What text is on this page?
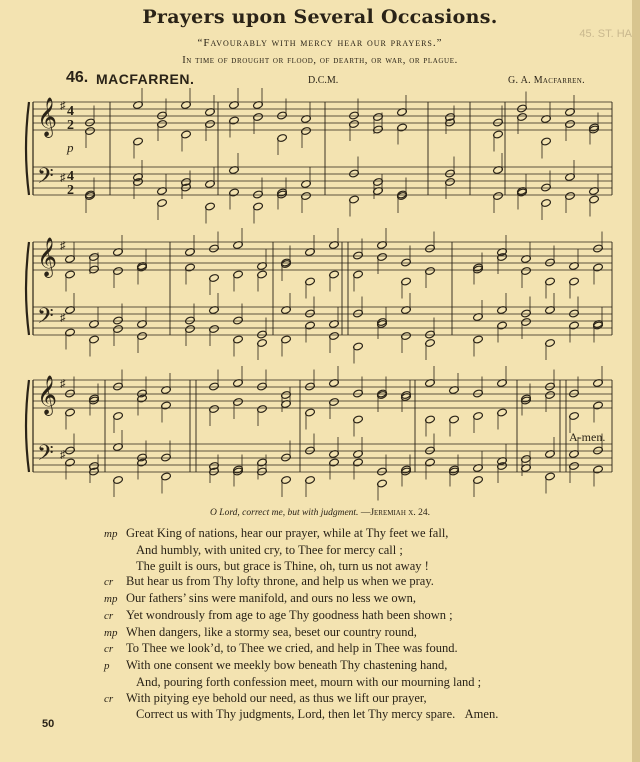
45. ST. HA
Prayers upon Several Occasions.
“Favourably with mercy hear our prayers.”
In time of drought or flood, of dearth, or war, or plague.
46. MACFARREN.	D.C.M.	G. A. Macfarren.
𝄞 ♯
𝄢 ♯
4
2
4
2
p
𝄞 ♯
𝄢 ♯
𝄞 ♯
𝄢 ♯
A-men.
O Lord, correct me, but with judgment. —Jeremiah x. 24.
mp Great King of nations, hear our prayer, while at Thy feet we fall,
And humbly, with united cry, to Thee for mercy call ;
The guilt is ours, but grace is Thine, oh, turn us not away !
cr But hear us from Thy lofty throne, and help us when we pray.
mp Our fathers’ sins were manifold, and ours no less we own,
cr Yet wondrously from age to age Thy goodness hath been shown ;
mp When dangers, like a stormy sea, beset our country round,
cr To Thee we look’d, to Thee we cried, and help in Thee was found.
p With one consent we meekly bow beneath Thy chastening hand,
And, pouring forth confession meet, mourn with our mourning land ;
cr With pitying eye behold our need, as thus we lift our prayer,
Correct us with Thy judgments, Lord, then let Thy mercy spare. Amen.
50
